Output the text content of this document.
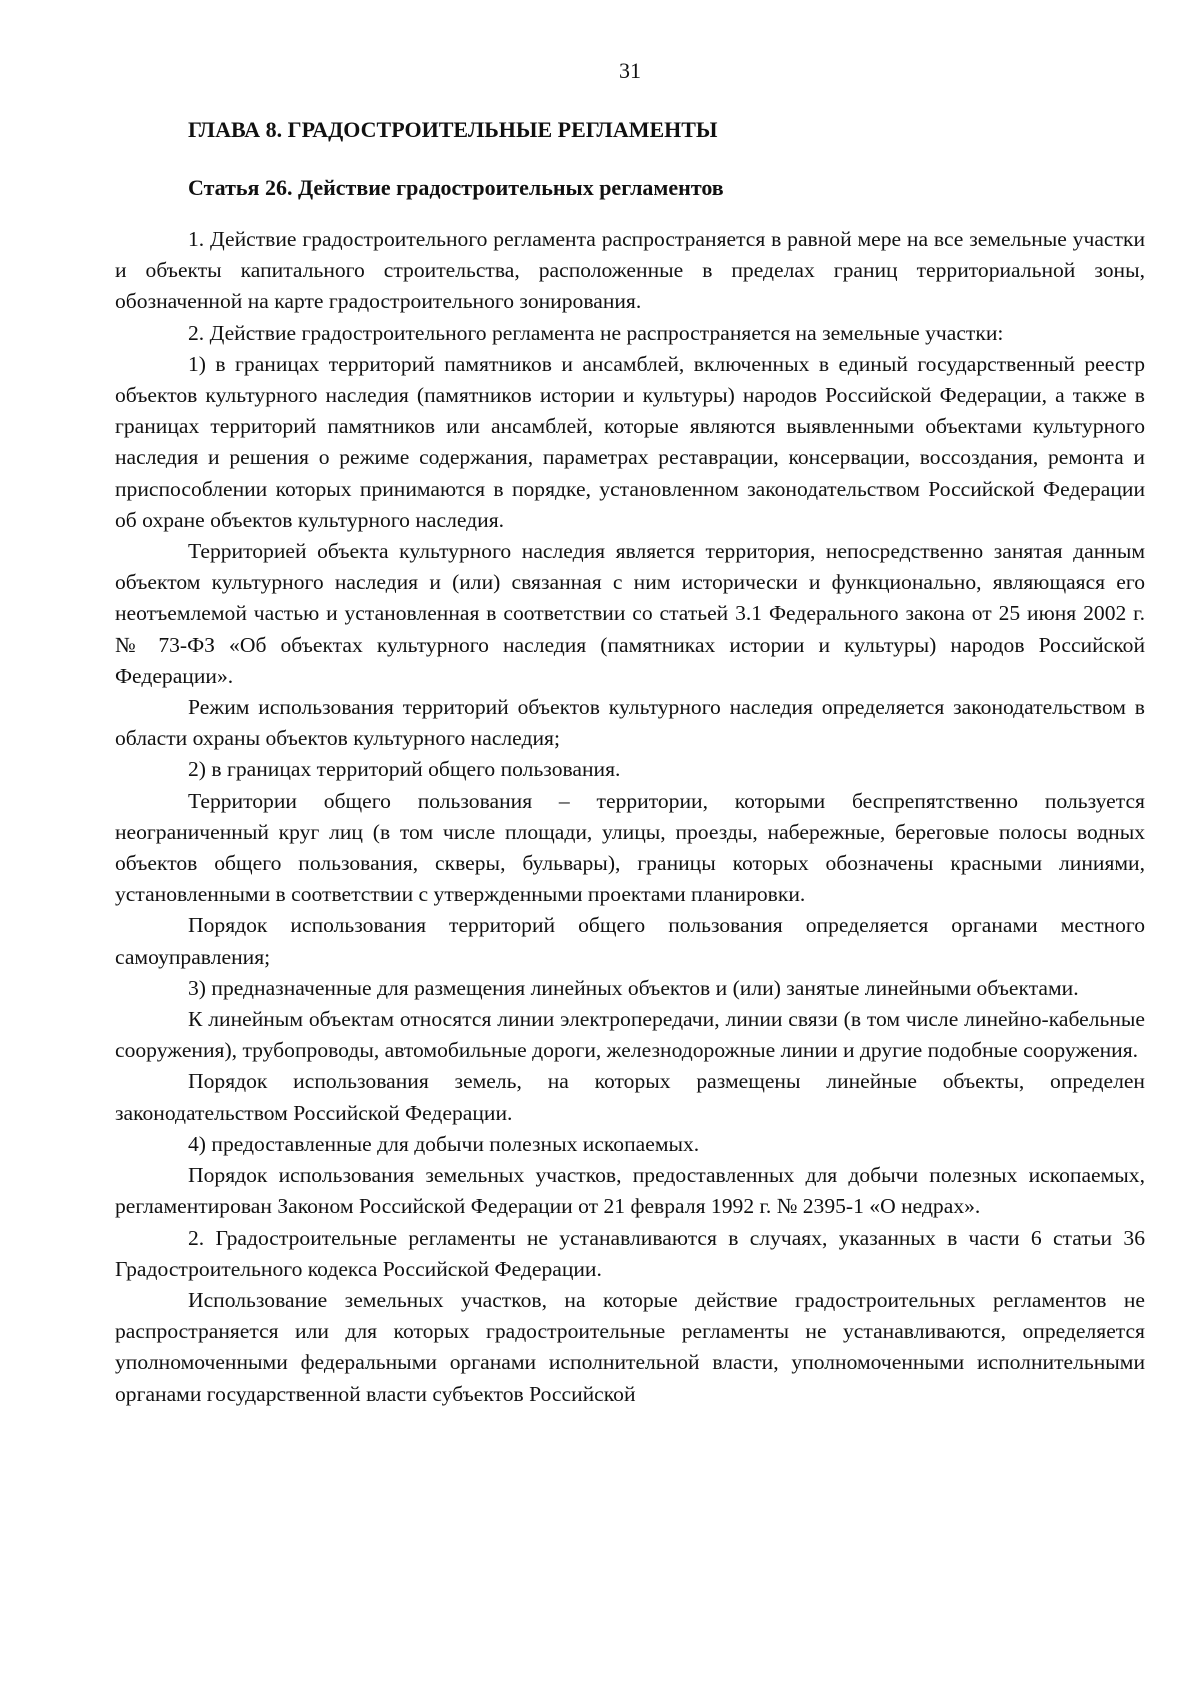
31
ГЛАВА 8. ГРАДОСТРОИТЕЛЬНЫЕ РЕГЛАМЕНТЫ
Статья 26. Действие градостроительных регламентов

1. Действие градостроительного регламента распространяется в равной мере на все земельные участки и объекты капитального строительства, расположенные в пределах границ территориальной зоны, обозначенной на карте градостроительного зонирования.

2. Действие градостроительного регламента не распространяется на земельные участки:

1) в границах территорий памятников и ансамблей, включенных в единый государственный реестр объектов культурного наследия (памятников истории и культуры) народов Российской Федерации, а также в границах территорий памятников или ансамблей, которые являются выявленными объектами культурного наследия и решения о режиме содержания, параметрах реставрации, консервации, воссоздания, ремонта и приспособлении которых принимаются в порядке, установленном законодательством Российской Федерации об охране объектов культурного наследия.

Территорией объекта культурного наследия является территория, непосредственно занятая данным объектом культурного наследия и (или) связанная с ним исторически и функционально, являющаяся его неотъемлемой частью и установленная в соответствии со статьей 3.1 Федерального закона от 25 июня 2002 г. № 73-ФЗ «Об объектах культурного наследия (памятниках истории и культуры) народов Российской Федерации».

Режим использования территорий объектов культурного наследия определяется законодательством в области охраны объектов культурного наследия;

2) в границах территорий общего пользования.

Территории общего пользования – территории, которыми беспрепятственно пользуется неограниченный круг лиц (в том числе площади, улицы, проезды, набережные, береговые полосы водных объектов общего пользования, скверы, бульвары), границы которых обозначены красными линиями, установленными в соответствии с утвержденными проектами планировки.

Порядок использования территорий общего пользования определяется органами местного самоуправления;

3) предназначенные для размещения линейных объектов и (или) занятые линейными объектами.

К линейным объектам относятся линии электропередачи, линии связи (в том числе линейно-кабельные сооружения), трубопроводы, автомобильные дороги, железнодорожные линии и другие подобные сооружения.

Порядок использования земель, на которых размещены линейные объекты, определен законодательством Российской Федерации.

4) предоставленные для добычи полезных ископаемых.

Порядок использования земельных участков, предоставленных для добычи полезных ископаемых, регламентирован Законом Российской Федерации от 21 февраля 1992 г. № 2395-1 «О недрах».

2. Градостроительные регламенты не устанавливаются в случаях, указанных в части 6 статьи 36 Градостроительного кодекса Российской Федерации.

Использование земельных участков, на которые действие градостроительных регламентов не распространяется или для которых градостроительные регламенты не устанавливаются, определяется уполномоченными федеральными органами исполнительной власти, уполномоченными исполнительными органами государственной власти субъектов Российской
